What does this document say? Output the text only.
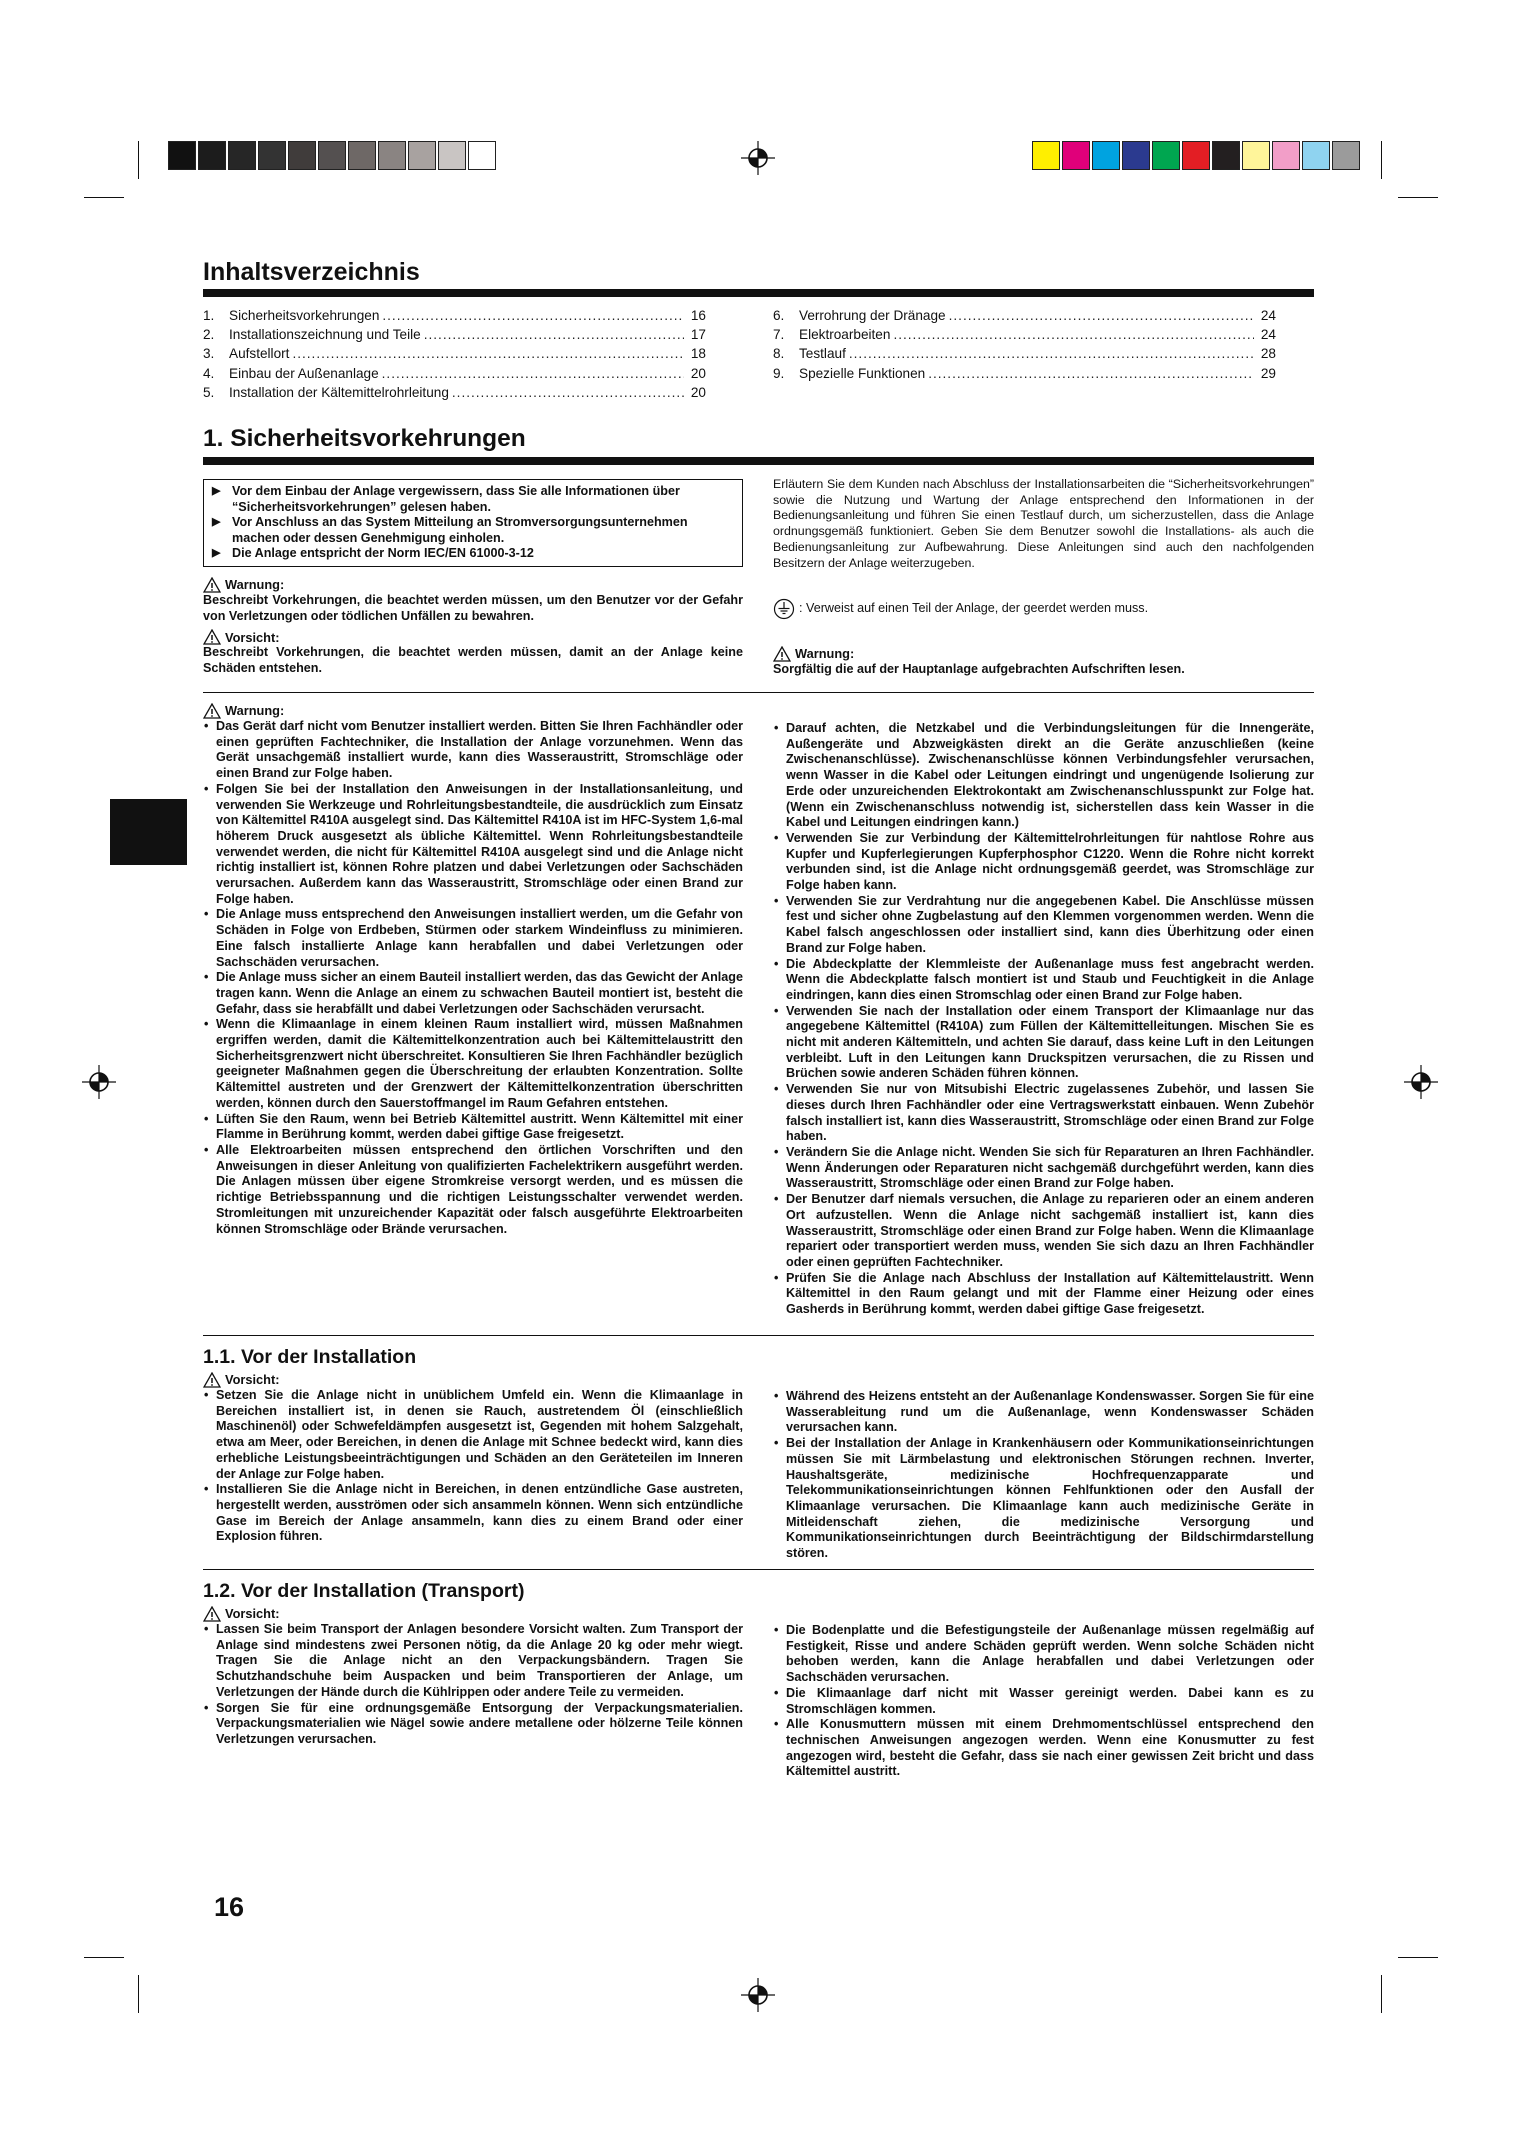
Inhaltsverzeichnis
1.	Sicherheitsvorkehrungen .....	16
2.	Installationszeichnung und Teile .....	17
3.	Aufstellort .....	18
4.	Einbau der Außenanlage .....	20
5.	Installation der Kältemittelrohrleitung .....	20
6.	Verrohrung der Dränage .....	24
7.	Elektroarbeiten .....	24
8.	Testlauf .....	28
9.	Spezielle Funktionen .....	29
1. Sicherheitsvorkehrungen
▶ Vor dem Einbau der Anlage vergewissern, dass Sie alle Informationen über “Sicherheitsvorkehrungen” gelesen haben.
▶ Vor Anschluss an das System Mitteilung an Stromversorgungsunternehmen machen oder dessen Genehmigung einholen.
▶ Die Anlage entspricht der Norm IEC/EN 61000-3-12
Warnung:
Beschreibt Vorkehrungen, die beachtet werden müssen, um den Benutzer vor der Gefahr von Verletzungen oder tödlichen Unfällen zu bewahren.
Vorsicht:
Beschreibt Vorkehrungen, die beachtet werden müssen, damit an der Anlage keine Schäden entstehen.
Erläutern Sie dem Kunden nach Abschluss der Installationsarbeiten die “Sicherheitsvorkehrungen” sowie die Nutzung und Wartung der Anlage entsprechend den Informationen in der Bedienungsanleitung und führen Sie einen Testlauf durch, um sicherzustellen, dass die Anlage ordnungsgemäß funktioniert. Geben Sie dem Benutzer sowohl die Installations- als auch die Bedienungsanleitung zur Aufbewahrung. Diese Anleitungen sind auch den nachfolgenden Besitzern der Anlage weiterzugeben.
: Verweist auf einen Teil der Anlage, der geerdet werden muss.
Warnung:
Sorgfältig die auf der Hauptanlage aufgebrachten Aufschriften lesen.
Warnung:
• Das Gerät darf nicht vom Benutzer installiert werden. Bitten Sie Ihren Fachhändler oder einen geprüften Fachtechniker, die Installation der Anlage vorzunehmen. Wenn das Gerät unsachgemäß installiert wurde, kann dies Wasseraustritt, Stromschläge oder einen Brand zur Folge haben.
• Folgen Sie bei der Installation den Anweisungen in der Installationsanleitung, und verwenden Sie Werkzeuge und Rohrleitungsbestandteile, die ausdrücklich zum Einsatz von Kältemittel R410A ausgelegt sind. Das Kältemittel R410A ist im HFC-System 1,6-mal höherem Druck ausgesetzt als übliche Kältemittel. Wenn Rohrleitungsbestandteile verwendet werden, die nicht für Kältemittel R410A ausgelegt sind und die Anlage nicht richtig installiert ist, können Rohre platzen und dabei Verletzungen oder Sachschäden verursachen. Außerdem kann das Wasseraustritt, Stromschläge oder einen Brand zur Folge haben.
• Die Anlage muss entsprechend den Anweisungen installiert werden, um die Gefahr von Schäden in Folge von Erdbeben, Stürmen oder starkem Windeinfluss zu minimieren. Eine falsch installierte Anlage kann herabfallen und dabei Verletzungen oder Sachschäden verursachen.
• Die Anlage muss sicher an einem Bauteil installiert werden, das das Gewicht der Anlage tragen kann. Wenn die Anlage an einem zu schwachen Bauteil montiert ist, besteht die Gefahr, dass sie herabfällt und dabei Verletzungen oder Sachschäden verursacht.
• Wenn die Klimaanlage in einem kleinen Raum installiert wird, müssen Maßnahmen ergriffen werden, damit die Kältemittelkonzentration auch bei Kältemittelaustritt den Sicherheitsgrenzwert nicht überschreitet. Konsultieren Sie Ihren Fachhändler bezüglich geeigneter Maßnahmen gegen die Überschreitung der erlaubten Konzentration. Sollte Kältemittel austreten und der Grenzwert der Kältemittelkonzentration überschritten werden, können durch den Sauerstoffmangel im Raum Gefahren entstehen.
• Lüften Sie den Raum, wenn bei Betrieb Kältemittel austritt. Wenn Kältemittel mit einer Flamme in Berührung kommt, werden dabei giftige Gase freigesetzt.
• Alle Elektroarbeiten müssen entsprechend den örtlichen Vorschriften und den Anweisungen in dieser Anleitung von qualifizierten Fachelektrikern ausgeführt werden. Die Anlagen müssen über eigene Stromkreise versorgt werden, und es müssen die richtige Betriebsspannung und die richtigen Leistungsschalter verwendet werden. Stromleitungen mit unzureichender Kapazität oder falsch ausgeführte Elektroarbeiten können Stromschläge oder Brände verursachen.
• Darauf achten, die Netzkabel und die Verbindungsleitungen für die Innengeräte, Außengeräte und Abzweigkästen direkt an die Geräte anzuschließen (keine Zwischenanschlüsse). Zwischenanschlüsse können Verbindungsfehler verursachen, wenn Wasser in die Kabel oder Leitungen eindringt und ungenügende Isolierung zur Erde oder unzureichenden Elektrokontakt am Zwischenanschlusspunkt zur Folge hat. (Wenn ein Zwischenanschluss notwendig ist, sicherstellen dass kein Wasser in die Kabel und Leitungen eindringen kann.)
• Verwenden Sie zur Verbindung der Kältemittelrohrleitungen für nahtlose Rohre aus Kupfer und Kupferlegierungen Kupferphosphor C1220. Wenn die Rohre nicht korrekt verbunden sind, ist die Anlage nicht ordnungsgemäß geerdet, was Stromschläge zur Folge haben kann.
• Verwenden Sie zur Verdrahtung nur die angegebenen Kabel. Die Anschlüsse müssen fest und sicher ohne Zugbelastung auf den Klemmen vorgenommen werden. Wenn die Kabel falsch angeschlossen oder installiert sind, kann dies Überhitzung oder einen Brand zur Folge haben.
• Die Abdeckplatte der Klemmleiste der Außenanlage muss fest angebracht werden. Wenn die Abdeckplatte falsch montiert ist und Staub und Feuchtigkeit in die Anlage eindringen, kann dies einen Stromschlag oder einen Brand zur Folge haben.
• Verwenden Sie nach der Installation oder einem Transport der Klimaanlage nur das angegebene Kältemittel (R410A) zum Füllen der Kältemittelleitungen. Mischen Sie es nicht mit anderen Kältemitteln, und achten Sie darauf, dass keine Luft in den Leitungen verbleibt. Luft in den Leitungen kann Druckspitzen verursachen, die zu Rissen und Brüchen sowie anderen Schäden führen können.
• Verwenden Sie nur von Mitsubishi Electric zugelassenes Zubehör, und lassen Sie dieses durch Ihren Fachhändler oder eine Vertragswerkstatt einbauen. Wenn Zubehör falsch installiert ist, kann dies Wasseraustritt, Stromschläge oder einen Brand zur Folge haben.
• Verändern Sie die Anlage nicht. Wenden Sie sich für Reparaturen an Ihren Fachhändler. Wenn Änderungen oder Reparaturen nicht sachgemäß durchgeführt werden, kann dies Wasseraustritt, Stromschläge oder einen Brand zur Folge haben.
• Der Benutzer darf niemals versuchen, die Anlage zu reparieren oder an einem anderen Ort aufzustellen. Wenn die Anlage nicht sachgemäß installiert ist, kann dies Wasseraustritt, Stromschläge oder einen Brand zur Folge haben. Wenn die Klimaanlage repariert oder transportiert werden muss, wenden Sie sich dazu an Ihren Fachhändler oder einen geprüften Fachtechniker.
• Prüfen Sie die Anlage nach Abschluss der Installation auf Kältemittelaustritt. Wenn Kältemittel in den Raum gelangt und mit der Flamme einer Heizung oder eines Gasherds in Berührung kommt, werden dabei giftige Gase freigesetzt.
1.1. Vor der Installation
Vorsicht:
• Setzen Sie die Anlage nicht in unüblichem Umfeld ein. Wenn die Klimaanlage in Bereichen installiert ist, in denen sie Rauch, austretendem Öl (einschließlich Maschinenöl) oder Schwefeldämpfen ausgesetzt ist, Gegenden mit hohem Salzgehalt, etwa am Meer, oder Bereichen, in denen die Anlage mit Schnee bedeckt wird, kann dies erhebliche Leistungsbeeinträchtigungen und Schäden an den Geräteteilen im Inneren der Anlage zur Folge haben.
• Installieren Sie die Anlage nicht in Bereichen, in denen entzündliche Gase austreten, hergestellt werden, ausströmen oder sich ansammeln können. Wenn sich entzündliche Gase im Bereich der Anlage ansammeln, kann dies zu einem Brand oder einer Explosion führen.
• Während des Heizens entsteht an der Außenanlage Kondenswasser. Sorgen Sie für eine Wasserableitung rund um die Außenanlage, wenn Kondenswasser Schäden verursachen kann.
• Bei der Installation der Anlage in Krankenhäusern oder Kommunikationseinrichtungen müssen Sie mit Lärmbelastung und elektronischen Störungen rechnen. Inverter, Haushaltsgeräte, medizinische Hochfrequenzapparate und Telekommunikationseinrichtungen können Fehlfunktionen oder den Ausfall der Klimaanlage verursachen. Die Klimaanlage kann auch medizinische Geräte in Mitleidenschaft ziehen, die medizinische Versorgung und Kommunikationseinrichtungen durch Beeinträchtigung der Bildschirmdarstellung stören.
1.2. Vor der Installation (Transport)
Vorsicht:
• Lassen Sie beim Transport der Anlagen besondere Vorsicht walten. Zum Transport der Anlage sind mindestens zwei Personen nötig, da die Anlage 20 kg oder mehr wiegt. Tragen Sie die Anlage nicht an den Verpackungsbändern. Tragen Sie Schutzhandschuhe beim Auspacken und beim Transportieren der Anlage, um Verletzungen der Hände durch die Kühlrippen oder andere Teile zu vermeiden.
• Sorgen Sie für eine ordnungsgemäße Entsorgung der Verpackungsmaterialien. Verpackungsmaterialien wie Nägel sowie andere metallene oder hölzerne Teile können Verletzungen verursachen.
• Die Bodenplatte und die Befestigungsteile der Außenanlage müssen regelmäßig auf Festigkeit, Risse und andere Schäden geprüft werden. Wenn solche Schäden nicht behoben werden, kann die Anlage herabfallen und dabei Verletzungen oder Sachschäden verursachen.
• Die Klimaanlage darf nicht mit Wasser gereinigt werden. Dabei kann es zu Stromschlägen kommen.
• Alle Konusmuttern müssen mit einem Drehmomentschlüssel entsprechend den technischen Anweisungen angezogen werden. Wenn eine Konusmutter zu fest angezogen wird, besteht die Gefahr, dass sie nach einer gewissen Zeit bricht und dass Kältemittel austritt.
16
